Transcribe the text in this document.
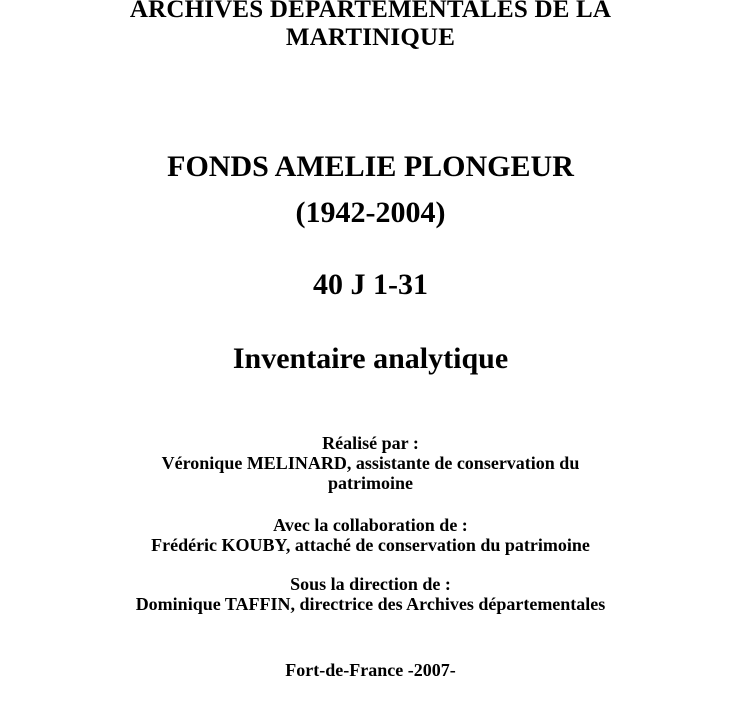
ARCHIVES DEPARTEMENTALES DE LA
MARTINIQUE
FONDS AMELIE PLONGEUR
(1942-2004)
40 J 1-31
Inventaire analytique
Réalisé par :
Véronique MELINARD, assistante de conservation du
patrimoine
Avec la collaboration de :
Frédéric KOUBY, attaché de conservation du patrimoine
Sous la direction de :
Dominique TAFFIN, directrice des Archives départementales
Fort-de-France -2007-
